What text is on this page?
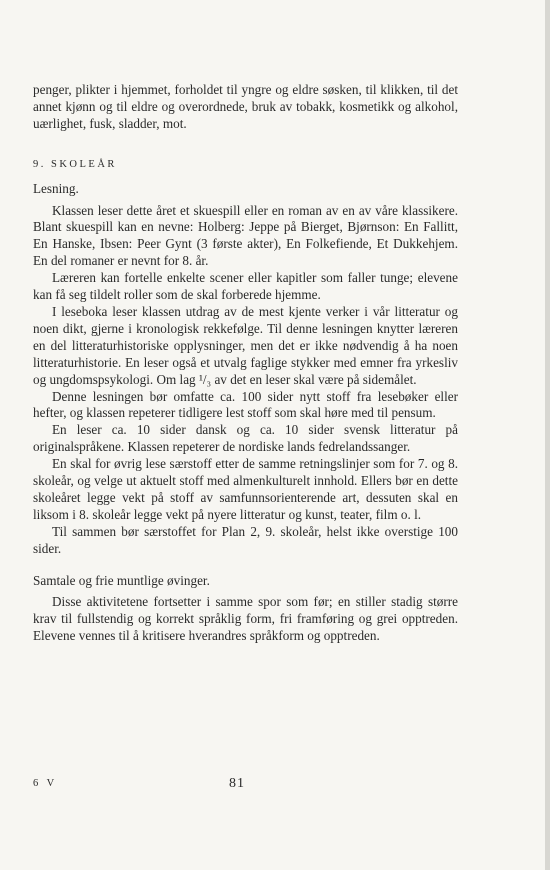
penger, plikter i hjemmet, forholdet til yngre og eldre søsken, til klikken, til det annet kjønn og til eldre og overordnede, bruk av tobakk, kosmetikk og alkohol, uærlighet, fusk, sladder, mot.

9. SKOLEÅR

Lesning.

Klassen leser dette året et skuespill eller en roman av en av våre klassikere. Blant skuespill kan en nevne: Holberg: Jeppe på Bierget, Bjørnson: En Fallitt, En Hanske, Ibsen: Peer Gynt (3 første akter), En Folkefiende, Et Dukkehjem. En del romaner er nevnt for 8. år.

Læreren kan fortelle enkelte scener eller kapitler som faller tunge; elevene kan få seg tildelt roller som de skal forberede hjemme.

I leseboka leser klassen utdrag av de mest kjente verker i vår litteratur og noen dikt, gjerne i kronologisk rekkefølge. Til denne lesningen knytter læreren en del litteraturhistoriske opplysninger, men det er ikke nødvendig å ha noen litteraturhistorie. En leser også et utvalg faglige stykker med emner fra yrkesliv og ungdomspsykologi. Om lag ¹/₃ av det en leser skal være på sidemålet.

Denne lesningen bør omfatte ca. 100 sider nytt stoff fra lesebøker eller hefter, og klassen repeterer tidligere lest stoff som skal høre med til pensum.

En leser ca. 10 sider dansk og ca. 10 sider svensk litteratur på originalspråkene. Klassen repeterer de nordiske lands fedrelandssanger.

En skal for øvrig lese særstoff etter de samme retningslinjer som for 7. og 8. skoleår, og velge ut aktuelt stoff med almenkulturelt innhold. Ellers bør en dette skoleåret legge vekt på stoff av samfunnsorienterende art, dessuten skal en liksom i 8. skoleår legge vekt på nyere litteratur og kunst, teater, film o. l.

Til sammen bør særstoffet for Plan 2, 9. skoleår, helst ikke overstige 100 sider.

Samtale og frie muntlige øvinger.

Disse aktivitetene fortsetter i samme spor som før; en stiller stadig større krav til fullstendig og korrekt språklig form, fri framføring og grei opptreden. Elevene vennes til å kritisere hverandres språkform og opptreden.

6 V	81
